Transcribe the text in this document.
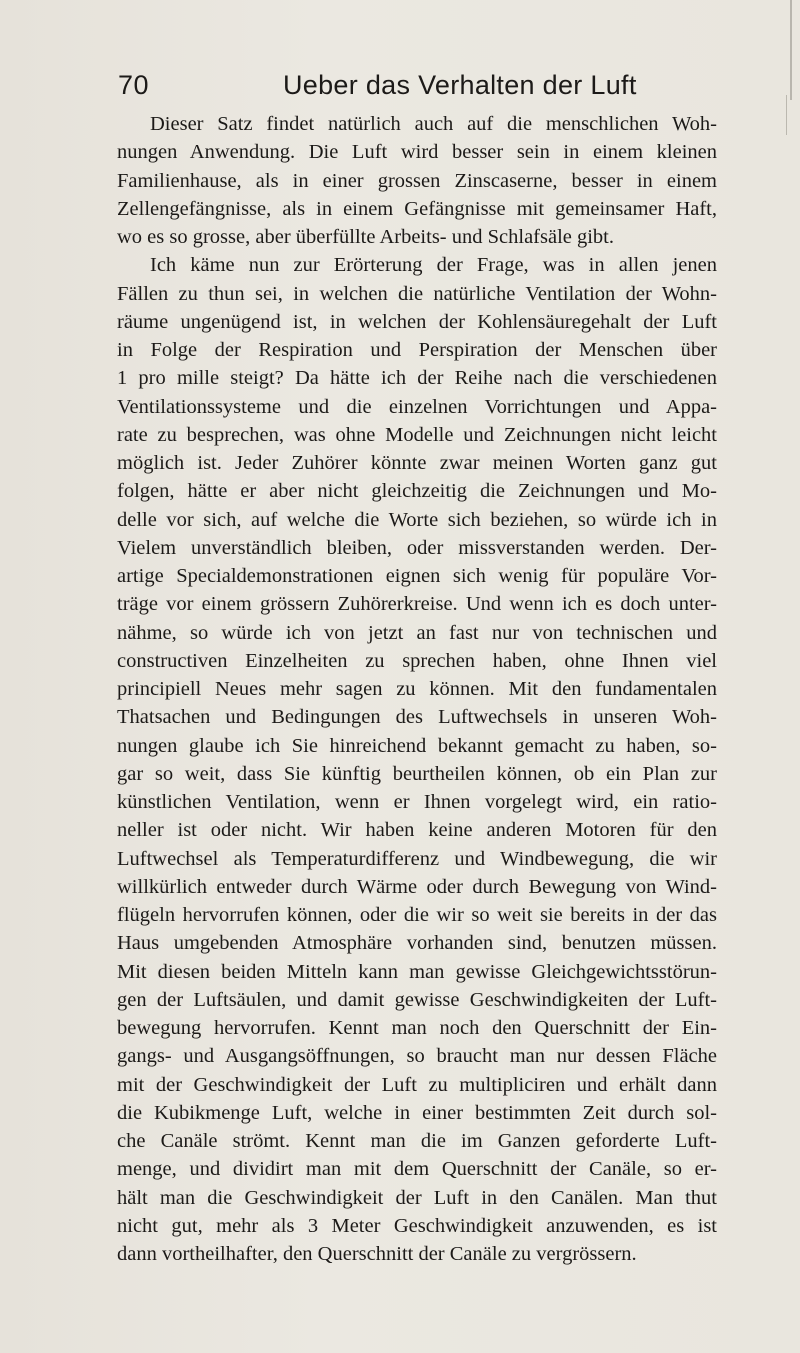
70	Ueber das Verhalten der Luft
Dieser Satz findet natürlich auch auf die menschlichen Woh-
nungen Anwendung. Die Luft wird besser sein in einem kleinen
Familienhause, als in einer grossen Zinscaserne, besser in einem
Zellengefängnisse, als in einem Gefängnisse mit gemeinsamer Haft,
wo es so grosse, aber überfüllte Arbeits- und Schlafsäle gibt.
Ich käme nun zur Erörterung der Frage, was in allen jenen
Fällen zu thun sei, in welchen die natürliche Ventilation der Wohn-
räume ungenügend ist, in welchen der Kohlensäuregehalt der Luft
in Folge der Respiration und Perspiration der Menschen über
1 pro mille steigt? Da hätte ich der Reihe nach die verschiedenen
Ventilationssysteme und die einzelnen Vorrichtungen und Appa-
rate zu besprechen, was ohne Modelle und Zeichnungen nicht leicht
möglich ist. Jeder Zuhörer könnte zwar meinen Worten ganz gut
folgen, hätte er aber nicht gleichzeitig die Zeichnungen und Mo-
delle vor sich, auf welche die Worte sich beziehen, so würde ich in
Vielem unverständlich bleiben, oder missverstanden werden. Der-
artige Specialdemonstrationen eignen sich wenig für populäre Vor-
träge vor einem grössern Zuhörerkreise. Und wenn ich es doch unter-
nähme, so würde ich von jetzt an fast nur von technischen und
constructiven Einzelheiten zu sprechen haben, ohne Ihnen viel
principiell Neues mehr sagen zu können. Mit den fundamentalen
Thatsachen und Bedingungen des Luftwechsels in unseren Woh-
nungen glaube ich Sie hinreichend bekannt gemacht zu haben, so-
gar so weit, dass Sie künftig beurtheilen können, ob ein Plan zur
künstlichen Ventilation, wenn er Ihnen vorgelegt wird, ein ratio-
neller ist oder nicht. Wir haben keine anderen Motoren für den
Luftwechsel als Temperaturdifferenz und Windbewegung, die wir
willkürlich entweder durch Wärme oder durch Bewegung von Wind-
flügeln hervorrufen können, oder die wir so weit sie bereits in der das
Haus umgebenden Atmosphäre vorhanden sind, benutzen müssen.
Mit diesen beiden Mitteln kann man gewisse Gleichgewichtsstörun-
gen der Luftsäulen, und damit gewisse Geschwindigkeiten der Luft-
bewegung hervorrufen. Kennt man noch den Querschnitt der Ein-
gangs- und Ausgangsöffnungen, so braucht man nur dessen Fläche
mit der Geschwindigkeit der Luft zu multipliciren und erhält dann
die Kubikmenge Luft, welche in einer bestimmten Zeit durch sol-
che Canäle strömt. Kennt man die im Ganzen geforderte Luft-
menge, und dividirt man mit dem Querschnitt der Canäle, so er-
hält man die Geschwindigkeit der Luft in den Canälen. Man thut
nicht gut, mehr als 3 Meter Geschwindigkeit anzuwenden, es ist
dann vortheilhafter, den Querschnitt der Canäle zu vergrössern.
